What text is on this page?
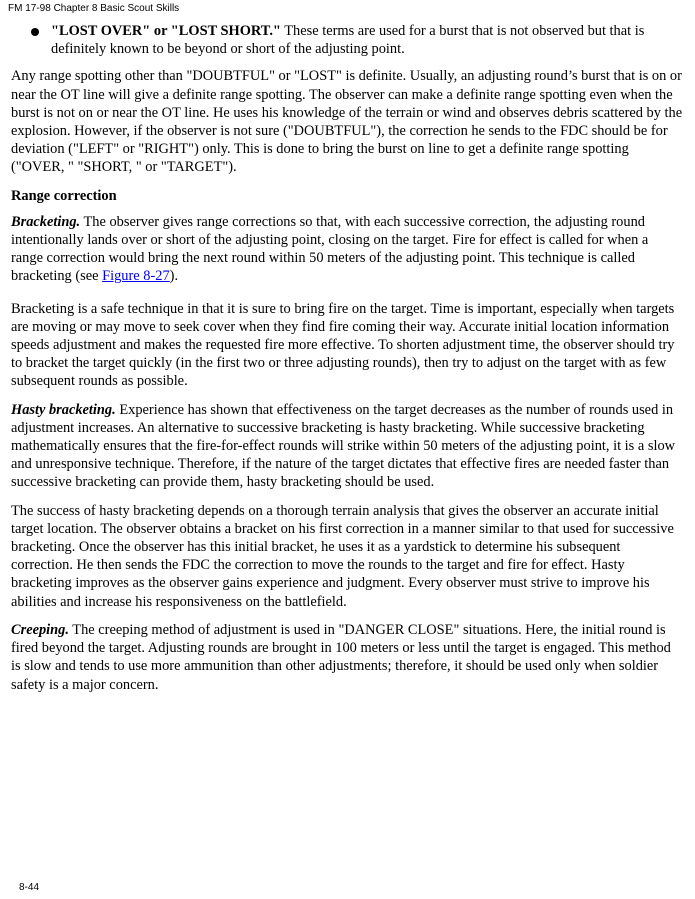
FM 17-98 Chapter 8 Basic Scout Skills

"LOST OVER" or "LOST SHORT." These terms are used for a burst that is not observed but that is definitely known to be beyond or short of the adjusting point.

Any range spotting other than "DOUBTFUL" or "LOST" is definite. Usually, an adjusting round’s burst that is on or near the OT line will give a definite range spotting. The observer can make a definite range spotting even when the burst is not on or near the OT line. He uses his knowledge of the terrain or wind and observes debris scattered by the explosion. However, if the observer is not sure ("DOUBTFUL"), the correction he sends to the FDC should be for deviation ("LEFT" or "RIGHT") only. This is done to bring the burst on line to get a definite range spotting ("OVER, " "SHORT, " or "TARGET").

Range correction

Bracketing. The observer gives range corrections so that, with each successive correction, the adjusting round intentionally lands over or short of the adjusting point, closing on the target. Fire for effect is called for when a range correction would bring the next round within 50 meters of the adjusting point. This technique is called bracketing (see Figure 8-27).

Bracketing is a safe technique in that it is sure to bring fire on the target. Time is important, especially when targets are moving or may move to seek cover when they find fire coming their way. Accurate initial location information speeds adjustment and makes the requested fire more effective. To shorten adjustment time, the observer should try to bracket the target quickly (in the first two or three adjusting rounds), then try to adjust on the target with as few subsequent rounds as possible.

Hasty bracketing. Experience has shown that effectiveness on the target decreases as the number of rounds used in adjustment increases. An alternative to successive bracketing is hasty bracketing. While successive bracketing mathematically ensures that the fire-for-effect rounds will strike within 50 meters of the adjusting point, it is a slow and unresponsive technique. Therefore, if the nature of the target dictates that effective fires are needed faster than successive bracketing can provide them, hasty bracketing should be used.

The success of hasty bracketing depends on a thorough terrain analysis that gives the observer an accurate initial target location. The observer obtains a bracket on his first correction in a manner similar to that used for successive bracketing. Once the observer has this initial bracket, he uses it as a yardstick to determine his subsequent correction. He then sends the FDC the correction to move the rounds to the target and fire for effect. Hasty bracketing improves as the observer gains experience and judgment. Every observer must strive to improve his abilities and increase his responsiveness on the battlefield.

Creeping. The creeping method of adjustment is used in "DANGER CLOSE" situations. Here, the initial round is fired beyond the target. Adjusting rounds are brought in 100 meters or less until the target is engaged. This method is slow and tends to use more ammunition than other adjustments; therefore, it should be used only when soldier safety is a major concern.

8-44
